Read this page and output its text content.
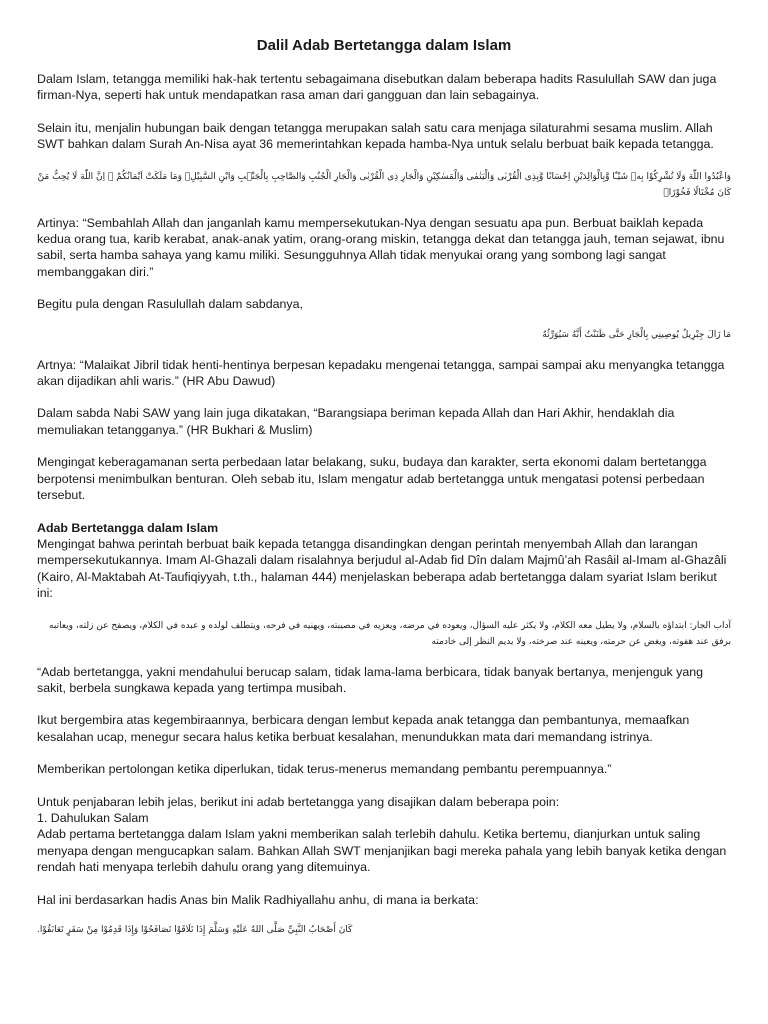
Dalil Adab Bertetangga dalam Islam

Dalam Islam, tetangga memiliki hak-hak tertentu sebagaimana disebutkan dalam beberapa hadits Rasulullah SAW dan juga firman-Nya, seperti hak untuk mendapatkan rasa aman dari gangguan dan lain sebagainya.

Selain itu, menjalin hubungan baik dengan tetangga merupakan salah satu cara menjaga silaturahmi sesama muslim. Allah SWT bahkan dalam Surah An-Nisa ayat 36 memerintahkan kepada hamba-Nya untuk selalu berbuat baik kepada tetangga.

وَاعْبُدُوا اللّٰهَ وَلَا تُشْرِكُوْا بِهٖ شَيْـًٔا وَّبِالْوَالِدَيْنِ اِحْسَانًا وَّبِذِى الْقُرْبٰى وَالْيَتٰمٰى وَالْمَسٰكِيْنِ وَالْجَارِ ذِى الْقُرْبٰى وَالْجَارِ الْجُنُبِ وَالصَّاحِبِ بِالْجَنْۢبِ وَابْنِ السَّبِيْلِۙ وَمَا مَلَكَتْ اَيْمَانُكُمْ ۗ اِنَّ اللّٰهَ لَا يُحِبُّ مَنْ كَانَ مُخْتَالًا فَخُوْرًاۙ

Artinya: “Sembahlah Allah dan janganlah kamu mempersekutukan-Nya dengan sesuatu apa pun. Berbuat baiklah kepada kedua orang tua, karib kerabat, anak-anak yatim, orang-orang miskin, tetangga dekat dan tetangga jauh, teman sejawat, ibnu sabil, serta hamba sahaya yang kamu miliki. Sesungguhnya Allah tidak menyukai orang yang sombong lagi sangat membanggakan diri.”

Begitu pula dengan Rasulullah dalam sabdanya,

مَا زَالَ جِبْرِيلُ يُوصِينِي بِالْجَارِ حَتَّى ظَنَنْتُ أَنَّهُ سَيُوَرِّثُهُ

Artnya: “Malaikat Jibril tidak henti-hentinya berpesan kepadaku mengenai tetangga, sampai sampai aku menyangka tetangga akan dijadikan ahli waris.” (HR Abu Dawud)

Dalam sabda Nabi SAW yang lain juga dikatakan, “Barangsiapa beriman kepada Allah dan Hari Akhir, hendaklah dia memuliakan tetangganya.” (HR Bukhari & Muslim)

Mengingat keberagamanan serta perbedaan latar belakang, suku, budaya dan karakter, serta ekonomi dalam bertetangga berpotensi menimbulkan benturan. Oleh sebab itu, Islam mengatur adab bertetangga untuk mengatasi potensi perbedaan tersebut.

Adab Bertetangga dalam Islam

Mengingat bahwa perintah berbuat baik kepada tetangga disandingkan dengan perintah menyembah Allah dan larangan mempersekutukannya. Imam Al-Ghazali dalam risalahnya berjudul al-Adab fid Dîn dalam Majmû’ah Rasâil al-Imam al-Ghazâli (Kairo, Al-Maktabah At-Taufiqiyyah, t.th., halaman 444) menjelaskan beberapa adab bertetangga dalam syariat Islam berikut ini:

آداب الجار: ابتداؤه بالسلام، ولا يطيل معه الكلام، ولا يكثر عليه السؤال، ويعوده في مرضه، ويعزيه في مصيبته، ويهنيه في فرحه، ويتطلف لولده و عبده في الكلام، ويصفح عن زلته، ويعاتبه برفق عند هفوته، ويغض عن حرمته، ويعينه عند صرخته، ولا يديم النظر إلى خادمته

“Adab bertetangga, yakni mendahului berucap salam, tidak lama-lama berbicara, tidak banyak bertanya, menjenguk yang sakit, berbela sungkawa kepada yang tertimpa musibah.

Ikut bergembira atas kegembiraannya, berbicara dengan lembut kepada anak tetangga dan pembantunya, memaafkan kesalahan ucap, menegur secara halus ketika berbuat kesalahan, menundukkan mata dari memandang istrinya.

Memberikan pertolongan ketika diperlukan, tidak terus-menerus memandang pembantu perempuannya.”

Untuk penjabaran lebih jelas, berikut ini adab bertetangga yang disajikan dalam beberapa poin:

1. Dahulukan Salam

Adab pertama bertetangga dalam Islam yakni memberikan salah terlebih dahulu. Ketika bertemu, dianjurkan untuk saling menyapa dengan mengucapkan salam. Bahkan Allah SWT menjanjikan bagi mereka pahala yang lebih banyak ketika dengan rendah hati menyapa terlebih dahulu orang yang ditemuinya.

Hal ini berdasarkan hadis Anas bin Malik Radhiyallahu anhu, di mana ia berkata:

كَانَ أَصْحَابُ النَّبِيِّ صَلَّى اللهُ عَلَيْهِ وَسَلَّمَ إِذَا تَلَاقَوْا تَصَافَحُوْا وَإِذَا قَدِمُوْا مِنْ سَفَرٍ تَعَانَقُوْا.
